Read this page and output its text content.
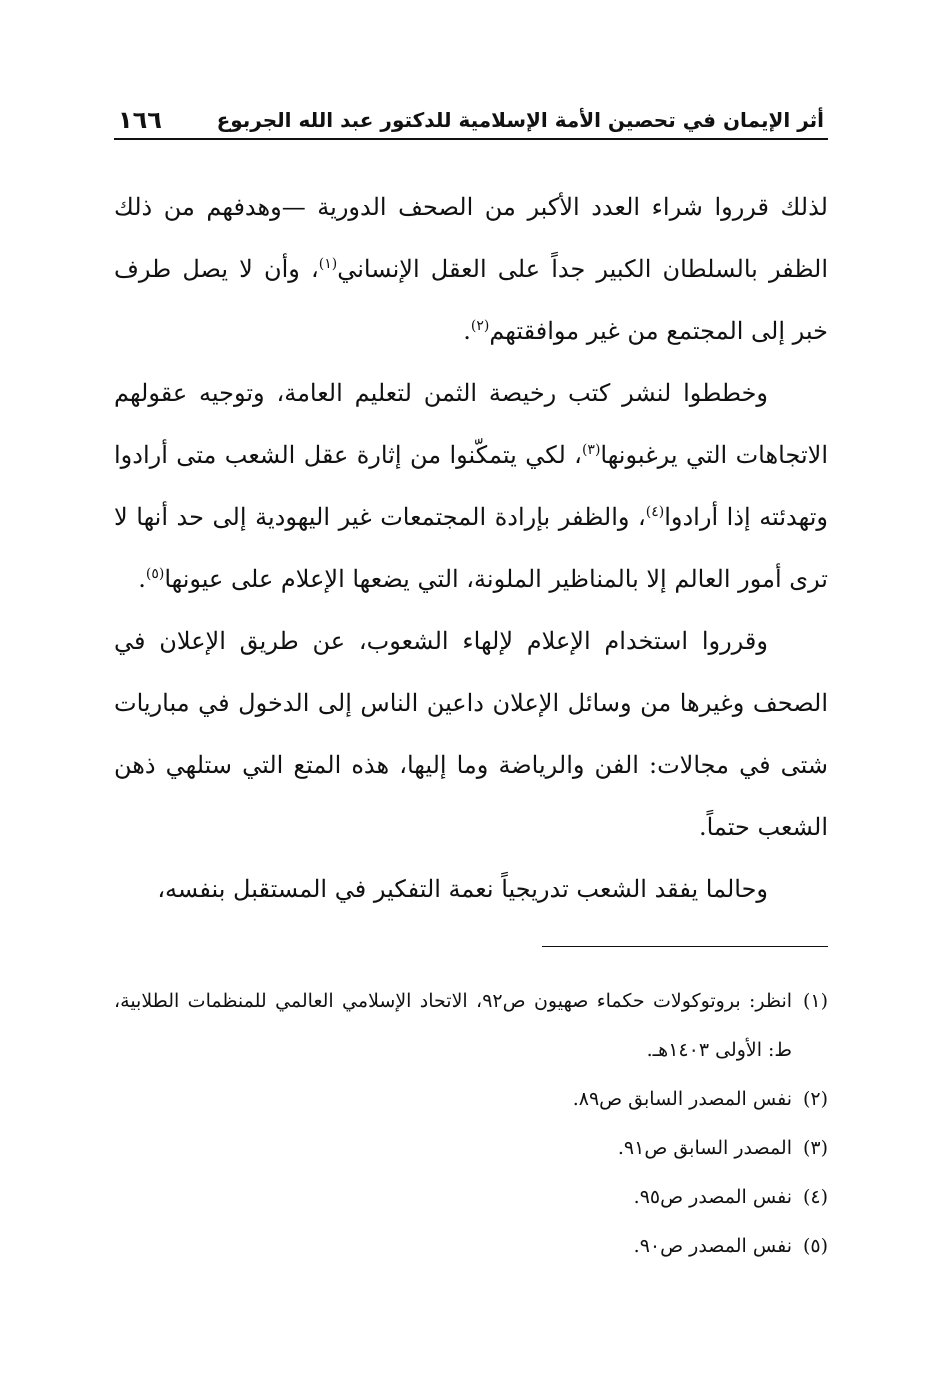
أثر الإيمان في تحصين الأمة الإسلامية للدكتور عبد الله الجربوع
١٦٦

لذلك قرروا شراء العدد الأكبر من الصحف الدورية —وهدفهم من ذلك الظفر بالسلطان الكبير جداً على العقل الإنساني$^{(١)}$، وأن لا يصل طرف خبر إلى المجتمع من غير موافقتهم$^{(٢)}$.

وخططوا لنشر كتب رخيصة الثمن لتعليم العامة، وتوجيه عقولهم الاتجاهات التي يرغبونها$^{(٣)}$، لكي يتمكّنوا من إثارة عقل الشعب متى أرادوا وتهدئته إذا أرادوا$^{(٤)}$، والظفر بإرادة المجتمعات غير اليهودية إلى حد أنها لا ترى أمور العالم إلا بالمناظير الملونة، التي يضعها الإعلام على عيونها$^{(٥)}$.

وقرروا استخدام الإعلام لإلهاء الشعوب، عن طريق الإعلان في الصحف وغيرها من وسائل الإعلان داعين الناس إلى الدخول في مباريات شتى في مجالات: الفن والرياضة وما إليها، هذه المتع التي ستلهي ذهن الشعب حتماً.

وحالما يفقد الشعب تدريجياً نعمة التفكير في المستقبل بنفسه،

(١)
انظر: بروتوكولات حكماء صهيون ص٩٢، الاتحاد الإسلامي العالمي للمنظمات الطلابية، ط: الأولى ١٤٠٣هـ.
(٢)
نفس المصدر السابق ص٨٩.
(٣)
المصدر السابق ص٩١.
(٤)
نفس المصدر ص٩٥.
(٥)
نفس المصدر ص٩٠.
